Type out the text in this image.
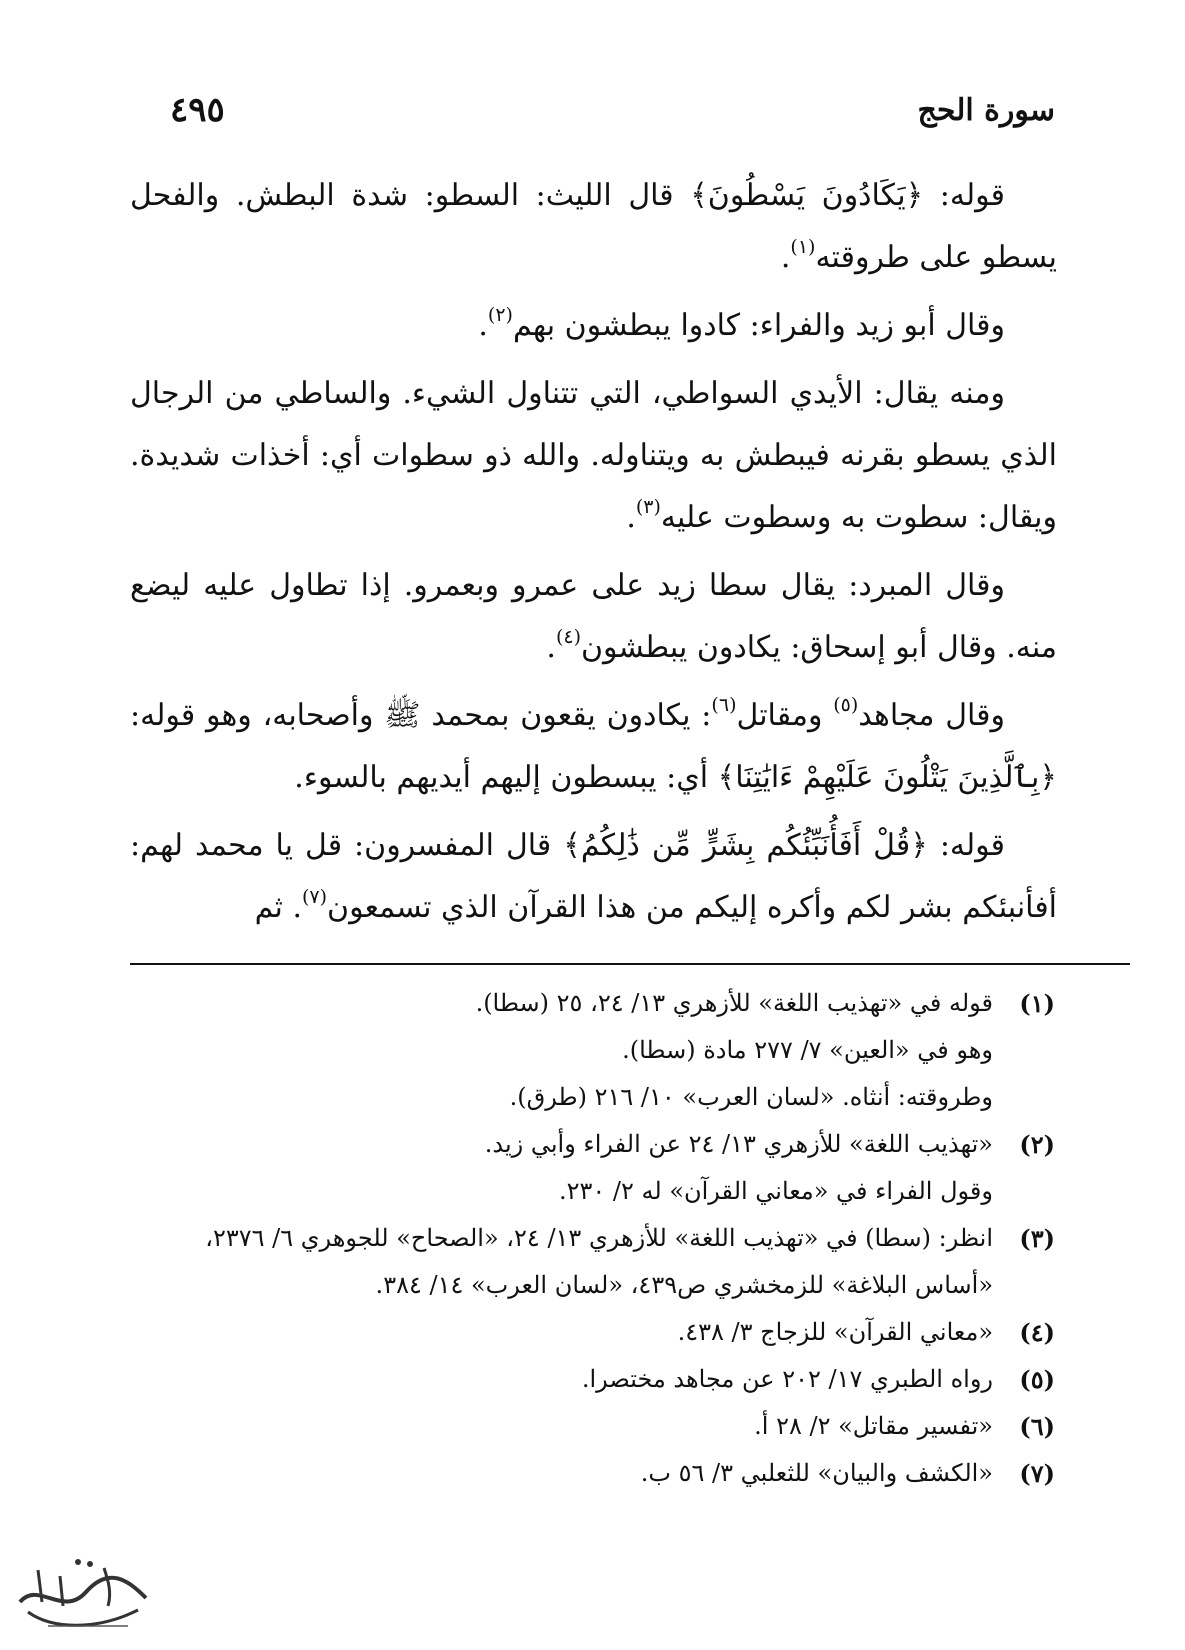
٤٩٥	سورة الحج

قوله: ﴿يَكَادُونَ يَسْطُونَ﴾ قال الليث: السطو: شدة البطش. والفحل يسطو على طروقته$^{(١)}$.

وقال أبو زيد والفراء: كادوا يبطشون بهم$^{(٢)}$.

ومنه يقال: الأيدي السواطي، التي تتناول الشيء. والساطي من الرجال الذي يسطو بقرنه فيبطش به ويتناوله. والله ذو سطوات أي: أخذات شديدة. ويقال: سطوت به وسطوت عليه$^{(٣)}$.

وقال المبرد: يقال سطا زيد على عمرو وبعمرو. إذا تطاول عليه ليضع منه. وقال أبو إسحاق: يكادون يبطشون$^{(٤)}$.

وقال مجاهد$^{(٥)}$ ومقاتل$^{(٦)}$: يكادون يقعون بمحمد ﷺ وأصحابه، وهو قوله: ﴿بِٱلَّذِينَ يَتْلُونَ عَلَيْهِمْ ءَايَٰتِنَا﴾ أي: يبسطون إليهم أيديهم بالسوء.

قوله: ﴿قُلْ أَفَأُنَبِّئُكُم بِشَرٍّ مِّن ذَٰلِكُمُ﴾ قال المفسرون: قل يا محمد لهم: أفأنبئكم بشر لكم وأكره إليكم من هذا القرآن الذي تسمعون$^{(٧)}$. ثم

(١)
قوله في «تهذيب اللغة» للأزهري ١٣/ ٢٤، ٢٥ (سطا).
وهو في «العين» ٧/ ٢٧٧ مادة (سطا).
وطروقته: أنثاه. «لسان العرب» ١٠/ ٢١٦ (طرق).
(٢)
«تهذيب اللغة» للأزهري ١٣/ ٢٤ عن الفراء وأبي زيد.
وقول الفراء في «معاني القرآن» له ٢/ ٢٣٠.
(٣)
انظر: (سطا) في «تهذيب اللغة» للأزهري ١٣/ ٢٤، «الصحاح» للجوهري ٦/ ٢٣٧٦، «أساس البلاغة» للزمخشري ص٤٣٩، «لسان العرب» ١٤/ ٣٨٤.
(٤)
«معاني القرآن» للزجاج ٣/ ٤٣٨.
(٥)
رواه الطبري ١٧/ ٢٠٢ عن مجاهد مختصرا.
(٦)
«تفسير مقاتل» ٢/ ٢٨ أ.
(٧)
«الكشف والبيان» للثعلبي ٣/ ٥٦ ب.
